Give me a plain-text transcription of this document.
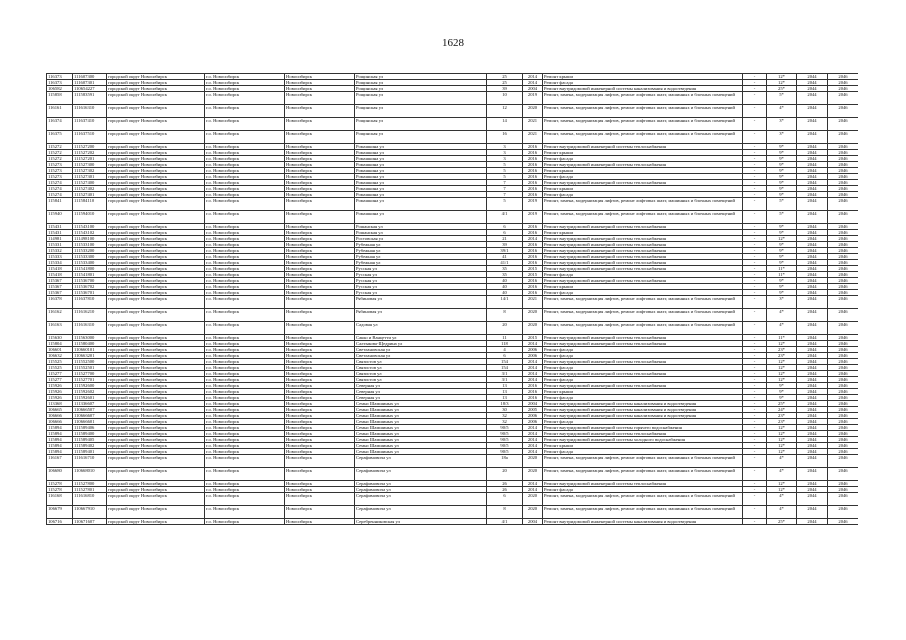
1628
116373	111607300	городской округ Новосибирск	г.о. Новосибирск	Новосибирск	Рощинская ул	25	2014	Ремонт крыши	-	12*	2044	2046
116373	111607301	городской округ Новосибирск	г.о. Новосибирск	Новосибирск	Рощинская ул	25	2014	Ремонт фасада	-	12*	2044	2046
106582	110654227	городской округ Новосибирск	г.о. Новосибирск	Новосибирск	Рощинская ул	39	2004	Ремонт внутридомовой инженерной системы канализования и водоотведения	-	25*	2044	2046
115858	111583591	городской округ Новосибирск	г.о. Новосибирск	Новосибирск	Рощинская ул	10	2019	Ремонт, замена, модернизация лифтов, ремонт лифтовых шахт, машинных и блочных помещений	-	5*	2044	2046
116161	111616310	городской округ Новосибирск	г.о. Новосибирск	Новосибирск	Рощинская ул	12	2020	Ремонт, замена, модернизация лифтов, ремонт лифтовых шахт, машинных и блочных помещений	-	4*	2044	2046
116374	111637410	городской округ Новосибирск	г.о. Новосибирск	Новосибирск	Рощинская ул	14	2021	Ремонт, замена, модернизация лифтов, ремонт лифтовых шахт, машинных и блочных помещений	-	3*	2044	2046
116375	111637510	городской округ Новосибирск	г.о. Новосибирск	Новосибирск	Рощинская ул	16	2021	Ремонт, замена, модернизация лифтов, ремонт лифтовых шахт, машинных и блочных помещений	-	3*	2044	2046
115272	111527200	городской округ Новосибирск	г.о. Новосибирск	Новосибирск	Ромашкина ул	3	2016	Ремонт внутридомовой инженерной системы теплоснабжения	-	9*	2044	2046
115272	111527202	городской округ Новосибирск	г.о. Новосибирск	Новосибирск	Ромашкина ул	3	2016	Ремонт крыши	-	9*	2044	2046
115272	111527201	городской округ Новосибирск	г.о. Новосибирск	Новосибирск	Ромашкина ул	3	2016	Ремонт фасада	-	9*	2044	2046
115273	111527300	городской округ Новосибирск	г.о. Новосибирск	Новосибирск	Ромашкина ул	5	2016	Ремонт внутридомовой инженерной системы теплоснабжения	-	9*	2044	2046
115273	111527302	городской округ Новосибирск	г.о. Новосибирск	Новосибирск	Ромашкина ул	5	2016	Ремонт крыши	-	9*	2044	2046
115273	111527301	городской округ Новосибирск	г.о. Новосибирск	Новосибирск	Ромашкина ул	5	2016	Ремонт фасада	-	9*	2044	2046
115274	111527400	городской округ Новосибирск	г.о. Новосибирск	Новосибирск	Ромашкина ул	7	2016	Ремонт внутридомовой инженерной системы теплоснабжения	-	9*	2044	2046
115274	111527402	городской округ Новосибирск	г.о. Новосибирск	Новосибирск	Ромашкина ул	7	2016	Ремонт крыши	-	9*	2044	2046
115274	111527401	городской округ Новосибирск	г.о. Новосибирск	Новосибирск	Ромашкина ул	7	2016	Ремонт фасада	-	9*	2044	2046
115841	111584110	городской округ Новосибирск	г.о. Новосибирск	Новосибирск	Ромашкина ул	5	2019	Ремонт, замена, модернизация лифтов, ремонт лифтовых шахт, машинных и блочных помещений	-	5*	2044	2046
115940	111594010	городской округ Новосибирск	г.о. Новосибирск	Новосибирск	Ромашкина ул	4/1	2019	Ремонт, замена, модернизация лифтов, ремонт лифтовых шахт, машинных и блочных помещений	-	5*	2044	2046
115431	111543100	городской округ Новосибирск	г.о. Новосибирск	Новосибирск	Рошанская ул	6	2016	Ремонт внутридомовой инженерной системы теплоснабжения	-	9*	2044	2046
115431	111543102	городской округ Новосибирск	г.о. Новосибирск	Новосибирск	Рошанская ул	6	2016	Ремонт крыши	-	9*	2044	2046
114981	111498100	городской округ Новосибирск	г.о. Новосибирск	Новосибирск	Ростовская ул	21	2014	Ремонт внутридомовой инженерной системы теплоснабжения	-	12*	2044	2046
115331	111533100	городской округ Новосибирск	г.о. Новосибирск	Новосибирск	Рубежная ул	39	2016	Ремонт внутридомовой инженерной системы теплоснабжения	-	9*	2044	2046
115332	111533200	городской округ Новосибирск	г.о. Новосибирск	Новосибирск	Рубежная ул	39/1	2016	Ремонт внутридомовой инженерной системы теплоснабжения	-	9*	2044	2046
115333	111533300	городской округ Новосибирск	г.о. Новосибирск	Новосибирск	Рубежная ул	41	2016	Ремонт внутридомовой инженерной системы теплоснабжения	-	9*	2044	2046
115334	111533400	городской округ Новосибирск	г.о. Новосибирск	Новосибирск	Рубежная ул	41/1	2016	Ремонт внутридомовой инженерной системы теплоснабжения	-	9*	2044	2046
115418	111541800	городской округ Новосибирск	г.о. Новосибирск	Новосибирск	Русская ул	35	2015	Ремонт внутридомовой инженерной системы теплоснабжения	-	11*	2044	2046
115418	111541801	городской округ Новосибирск	г.о. Новосибирск	Новосибирск	Русская ул	35	2015	Ремонт фасада	-	11*	2044	2046
115367	111536700	городской округ Новосибирск	г.о. Новосибирск	Новосибирск	Русская ул	40	2016	Ремонт внутридомовой инженерной системы теплоснабжения	-	9*	2044	2046
115367	111536702	городской округ Новосибирск	г.о. Новосибирск	Новосибирск	Русская ул	40	2016	Ремонт крыши	-	9*	2044	2046
115367	111536701	городской округ Новосибирск	г.о. Новосибирск	Новосибирск	Русская ул	40	2016	Ремонт фасада	-	9*	2044	2046
116378	111637810	городской округ Новосибирск	г.о. Новосибирск	Новосибирск	Рябиновая ул	14/1	2021	Ремонт, замена, модернизация лифтов, ремонт лифтовых шахт, машинных и блочных помещений	-	3*	2044	2046
116162	111616210	городской округ Новосибирск	г.о. Новосибирск	Новосибирск	Рябиновая ул	8	2020	Ремонт, замена, модернизация лифтов, ремонт лифтовых шахт, машинных и блочных помещений	-	4*	2044	2046
116163	111616310	городской округ Новосибирск	г.о. Новосибирск	Новосибирск	Садовая ул	20	2020	Ремонт, замена, модернизация лифтов, ремонт лифтовых шахт, машинных и блочных помещений	-	4*	2044	2046
115630	111563000	городской округ Новосибирск	г.о. Новосибирск	Новосибирск	Сакко и Ванцетти ул	11	2015	Ремонт внутридомовой инженерной системы теплоснабжения	-	11*	2044	2046
115804	111580400	городской округ Новосибирск	г.о. Новосибирск	Новосибирск	Салтыкова-Щедрина ул	118	2014	Ремонт внутридомовой инженерной системы теплоснабжения	-	12*	2044	2046
106601	110660101	городской округ Новосибирск	г.о. Новосибирск	Новосибирск	Светлановская ул	4	2006	Ремонт фасада	-	23*	2044	2046
106632	110663201	городской округ Новосибирск	г.о. Новосибирск	Новосибирск	Светлановская ул	6	2006	Ремонт фасада	-	23*	2044	2046
115525	111552500	городской округ Новосибирск	г.о. Новосибирск	Новосибирск	Связистов ул	154	2014	Ремонт внутридомовой инженерной системы теплоснабжения	-	12*	2044	2046
115525	111552501	городской округ Новосибирск	г.о. Новосибирск	Новосибирск	Связистов ул	154	2014	Ремонт фасада	-	12*	2044	2046
115277	111527700	городской округ Новосибирск	г.о. Новосибирск	Новосибирск	Связистов ул	3/1	2014	Ремонт внутридомовой инженерной системы теплоснабжения	-	12*	2044	2046
115277	111527701	городской округ Новосибирск	г.о. Новосибирск	Новосибирск	Связистов ул	3/1	2014	Ремонт фасада	-	12*	2044	2046
115926	111592600	городской округ Новосибирск	г.о. Новосибирск	Новосибирск	Северная ул	13	2016	Ремонт внутридомовой инженерной системы теплоснабжения	-	9*	2044	2046
115926	111592602	городской округ Новосибирск	г.о. Новосибирск	Новосибирск	Северная ул	13	2016	Ремонт крыши	-	9*	2044	2046
115926	111592601	городской округ Новосибирск	г.о. Новосибирск	Новосибирск	Северная ул	13	2016	Ремонт фасада	-	9*	2044	2046
113368	111336607	городской округ Новосибирск	г.о. Новосибирск	Новосибирск	Семьи Шамшиных ул	18/3	2004	Ремонт внутридомовой инженерной системы канализования и водоотведения	-	25*	2044	2046
106665	110666507	городской округ Новосибирск	г.о. Новосибирск	Новосибирск	Семьи Шамшиных ул	30	2005	Ремонт внутридомовой инженерной системы канализования и водоотведения	-	24*	2044	2046
106666	110666607	городской округ Новосибирск	г.о. Новосибирск	Новосибирск	Семьи Шамшиных ул	32	2006	Ремонт внутридомовой инженерной системы канализования и водоотведения	-	23*	2044	2046
106666	110666601	городской округ Новосибирск	г.о. Новосибирск	Новосибирск	Семьи Шамшиных ул	32	2006	Ремонт фасада	-	23*	2044	2046
115894	111589406	городской округ Новосибирск	г.о. Новосибирск	Новосибирск	Семьи Шамшиных ул	90/5	2014	Ремонт внутридомовой инженерной системы горячего водоснабжения	-	12*	2044	2046
115894	111589400	городской округ Новосибирск	г.о. Новосибирск	Новосибирск	Семьи Шамшиных ул	90/5	2014	Ремонт внутридомовой инженерной системы теплоснабжения	-	12*	2044	2046
115894	111589405	городской округ Новосибирск	г.о. Новосибирск	Новосибирск	Семьи Шамшиных ул	90/5	2014	Ремонт внутридомовой инженерной системы холодного водоснабжения	-	12*	2044	2046
115894	111589402	городской округ Новосибирск	г.о. Новосибирск	Новосибирск	Семьи Шамшиных ул	90/5	2014	Ремонт крыши	-	12*	2044	2046
115894	111589401	городской округ Новосибирск	г.о. Новосибирск	Новосибирск	Семьи Шамшиных ул	90/5	2014	Ремонт фасада	-	12*	2044	2046
116167	111616710	городской округ Новосибирск	г.о. Новосибирск	Новосибирск	Серафимовича ул	18а	2020	Ремонт, замена, модернизация лифтов, ремонт лифтовых шахт, машинных и блочных помещений	-	4*	2044	2046
106680	110668010	городской округ Новосибирск	г.о. Новосибирск	Новосибирск	Серафимовича ул	20	2020	Ремонт, замена, модернизация лифтов, ремонт лифтовых шахт, машинных и блочных помещений	-	4*	2044	2046
115278	111527800	городской округ Новосибирск	г.о. Новосибирск	Новосибирск	Серафимовича ул	26	2014	Ремонт внутридомовой инженерной системы теплоснабжения	-	12*	2044	2046
115278	111527801	городской округ Новосибирск	г.о. Новосибирск	Новосибирск	Серафимовича ул	26	2014	Ремонт фасада	-	12*	2044	2046
116168	111616810	городской округ Новосибирск	г.о. Новосибирск	Новосибирск	Серафимовича ул	6	2020	Ремонт, замена, модернизация лифтов, ремонт лифтовых шахт, машинных и блочных помещений	-	4*	2044	2046
106679	110667910	городской округ Новосибирск	г.о. Новосибирск	Новосибирск	Серафимовича ул	8	2020	Ремонт, замена, модернизация лифтов, ремонт лифтовых шахт, машинных и блочных помещений	-	4*	2044	2046
106716	110671607	городской округ Новосибирск	г.о. Новосибирск	Новосибирск	Серебренниковская ул	4/1	2004	Ремонт внутридомовой инженерной системы канализования и водоотведения	-	25*	2044	2046
